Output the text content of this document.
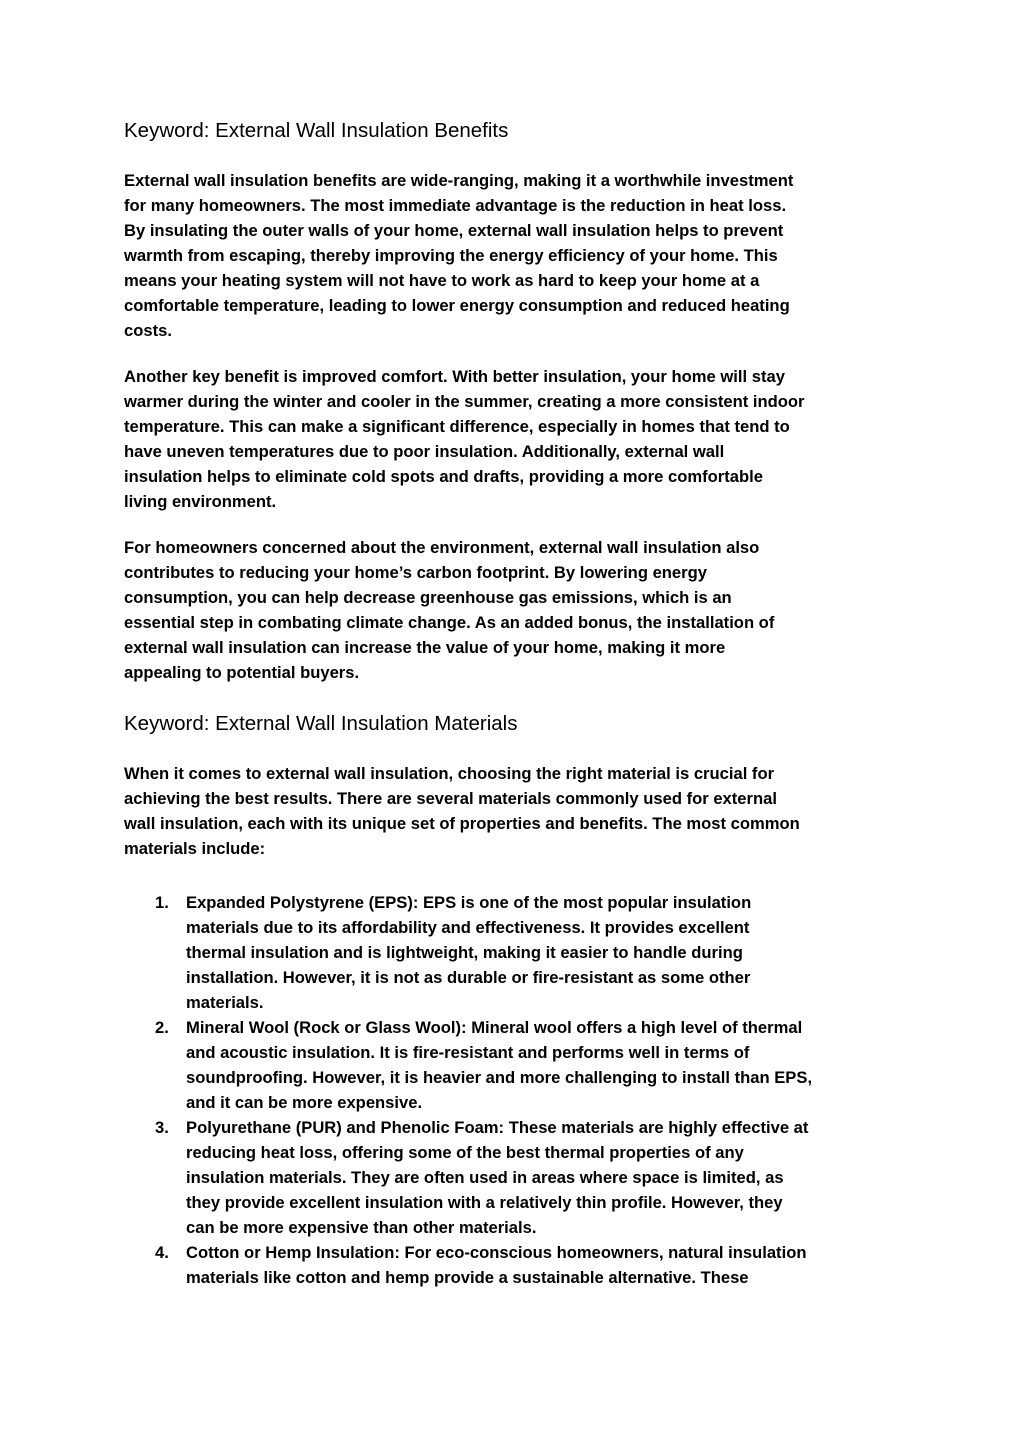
Keyword: External Wall Insulation Benefits

External wall insulation benefits are wide-ranging, making it a worthwhile investment
for many homeowners. The most immediate advantage is the reduction in heat loss.
By insulating the outer walls of your home, external wall insulation helps to prevent
warmth from escaping, thereby improving the energy efficiency of your home. This
means your heating system will not have to work as hard to keep your home at a
comfortable temperature, leading to lower energy consumption and reduced heating
costs.

Another key benefit is improved comfort. With better insulation, your home will stay
warmer during the winter and cooler in the summer, creating a more consistent indoor
temperature. This can make a significant difference, especially in homes that tend to
have uneven temperatures due to poor insulation. Additionally, external wall
insulation helps to eliminate cold spots and drafts, providing a more comfortable
living environment.

For homeowners concerned about the environment, external wall insulation also
contributes to reducing your home’s carbon footprint. By lowering energy
consumption, you can help decrease greenhouse gas emissions, which is an
essential step in combating climate change. As an added bonus, the installation of
external wall insulation can increase the value of your home, making it more
appealing to potential buyers.

Keyword: External Wall Insulation Materials

When it comes to external wall insulation, choosing the right material is crucial for
achieving the best results. There are several materials commonly used for external
wall insulation, each with its unique set of properties and benefits. The most common
materials include:

1. Expanded Polystyrene (EPS): EPS is one of the most popular insulation
materials due to its affordability and effectiveness. It provides excellent
thermal insulation and is lightweight, making it easier to handle during
installation. However, it is not as durable or fire-resistant as some other
materials.
2. Mineral Wool (Rock or Glass Wool): Mineral wool offers a high level of thermal
and acoustic insulation. It is fire-resistant and performs well in terms of
soundproofing. However, it is heavier and more challenging to install than EPS,
and it can be more expensive.
3. Polyurethane (PUR) and Phenolic Foam: These materials are highly effective at
reducing heat loss, offering some of the best thermal properties of any
insulation materials. They are often used in areas where space is limited, as
they provide excellent insulation with a relatively thin profile. However, they
can be more expensive than other materials.
4. Cotton or Hemp Insulation: For eco-conscious homeowners, natural insulation
materials like cotton and hemp provide a sustainable alternative. These
